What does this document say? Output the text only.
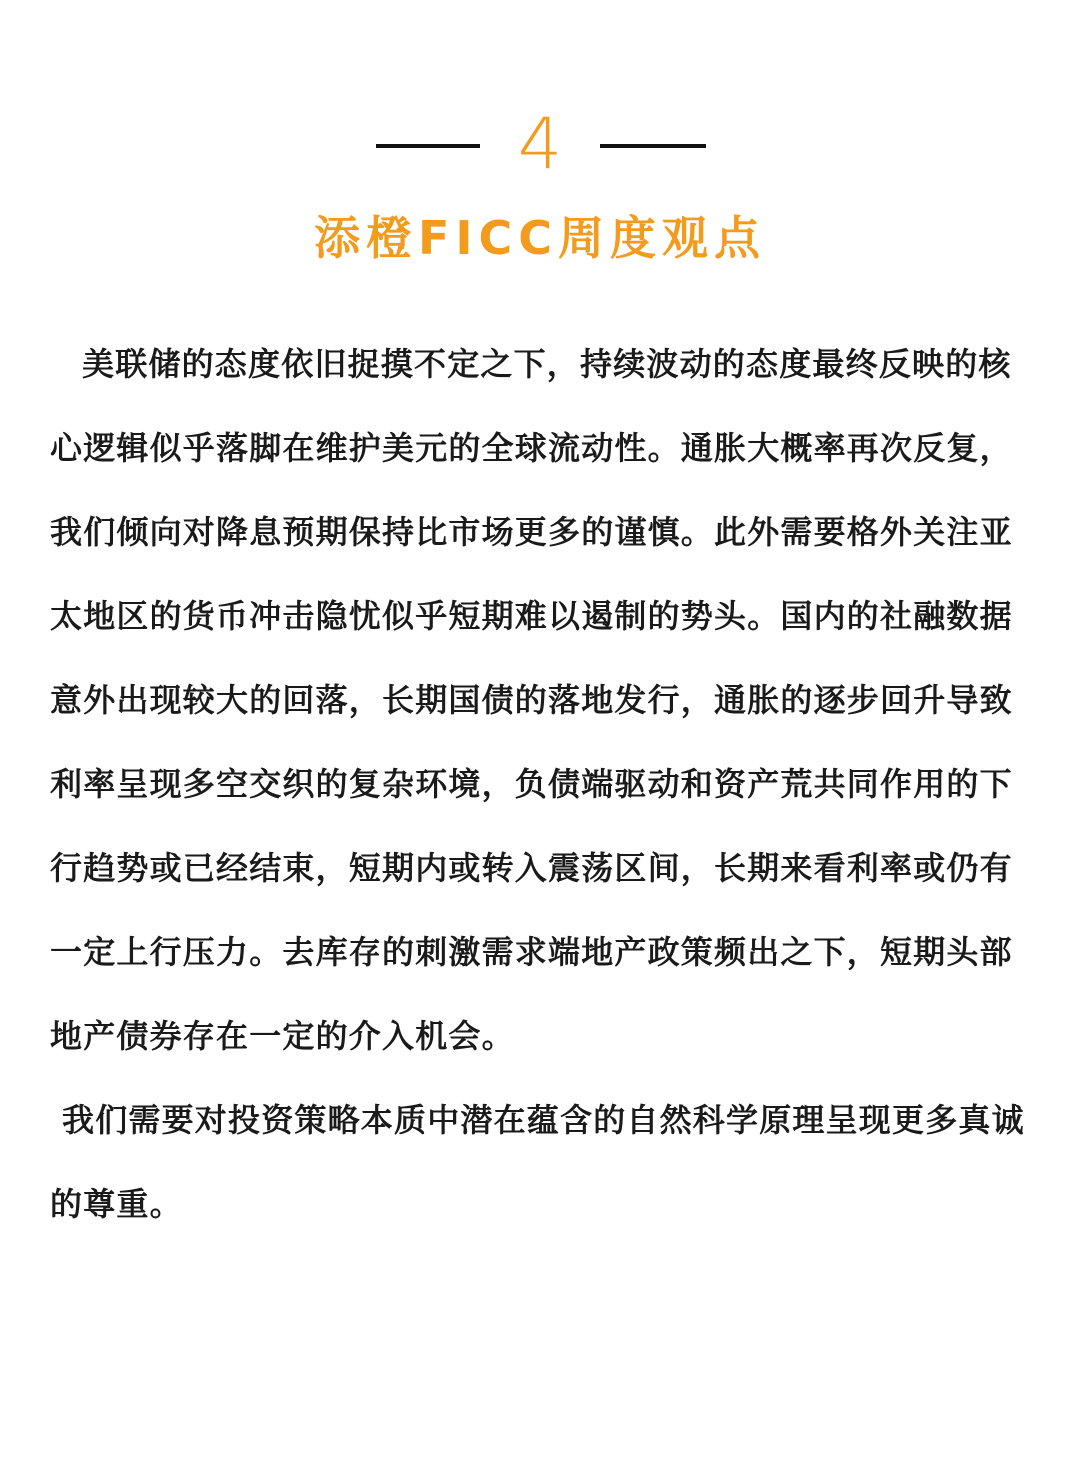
4
添橙FICC周度观点

美联储的态度依旧捉摸不定之下，持续波动的态度最终反映的核心逻辑似乎落脚在维护美元的全球流动性。通胀大概率再次反复，我们倾向对降息预期保持比市场更多的谨慎。此外需要格外关注亚太地区的货币冲击隐忧似乎短期难以遏制的势头。国内的社融数据意外出现较大的回落，长期国债的落地发行，通胀的逐步回升导致利率呈现多空交织的复杂环境，负债端驱动和资产荒共同作用的下行趋势或已经结束，短期内或转入震荡区间，长期来看利率或仍有一定上行压力。去库存的刺激需求端地产政策频出之下，短期头部地产债券存在一定的介入机会。

我们需要对投资策略本质中潜在蕴含的自然科学原理呈现更多真诚的尊重。
